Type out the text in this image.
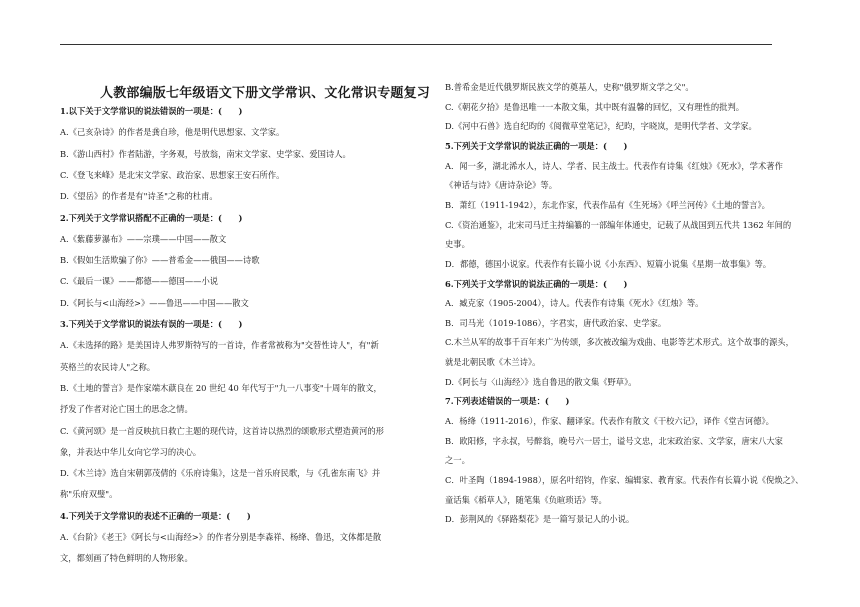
人教部编版七年级语文下册文学常识、文化常识专题复习
1.以下关于文学常识的说法错误的一项是：(　　)
A.《己亥杂诗》的作者是龚自珍，他是明代思想家、文学家。
B.《游山西村》作者陆游，字务观，号放翁，南宋文学家、史学家、爱国诗人。
C.《登飞来峰》是北宋文学家、政治家、思想家王安石所作。
D.《望岳》的作者是有"诗圣"之称的杜甫。
2.下列关于文学常识搭配不正确的一项是：(　　)
A.《紫藤萝瀑布》——宗璞——中国——散文
B.《假如生活欺骗了你》——普希金——俄国——诗歌
C.《最后一课》——都德——德国——小说
D.《阿长与<山海经>》——鲁迅——中国——散文
3.下列关于文学常识的说法有误的一项是：(　　)
A.《未选择的路》是美国诗人弗罗斯特写的一首诗，作者常被称为"交替性诗人"，有"新
英格兰的农民诗人"之称。
B.《土地的誓言》是作家端木蕻良在 20 世纪 40 年代写于"九一八事变"十周年的散文，
抒发了作者对沦亡国土的思念之情。
C.《黄河颂》是一首反映抗日救亡主题的现代诗，这首诗以热烈的颂歌形式塑造黄河的形
象，并表达中华儿女向它学习的决心。
D.《木兰诗》选自宋朝郭茂倩的《乐府诗集》，这是一首乐府民歌，与《孔雀东南飞》并
称"乐府双璧"。
4.下列关于文学常识的表述不正确的一项是：(　　)
A.《台阶》《老王》《阿长与<山海经>》的作者分别是李森祥、杨绛、鲁迅，文体都是散
文，都刻画了特色鲜明的人物形象。
B.普希金是近代俄罗斯民族文学的奠基人，史称"俄罗斯文学之父"。
C.《朝花夕拾》是鲁迅唯一一本散文集，其中既有温馨的回忆，又有理性的批判。
D.《河中石兽》选自纪昀的《阅微草堂笔记》，纪昀，字晓岚，是明代学者、文学家。
5.下列关于文学常识的说法正确的一项是：(　　)
A．闻一多，湖北浠水人，诗人、学者、民主战士。代表作有诗集《红烛》《死水》，学术著作
《神话与诗》《唐诗杂论》等。
B．萧红（1911-1942），东北作家，代表作品有《生死场》《呼兰河传》《土地的誓言》。
C.《资治通鉴》，北宋司马迁主持编纂的一部编年体通史，记载了从战国到五代共 1362 年间的
史事。
D．都德，德国小说家。代表作有长篇小说《小东西》、短篇小说集《星期一故事集》等。
6.下列关于文学常识的说法正确的一项是：(　　)
A．臧克家（1905-2004），诗人。代表作有诗集《死水》《红烛》等。
B．司马光（1019-1086），字君实，唐代政治家、史学家。
C.木兰从军的故事千百年来广为传颂，多次被改编为戏曲、电影等艺术形式。这个故事的源头，
就是北朝民歌《木兰诗》。
D.《阿长与〈山海经〉》选自鲁迅的散文集《野草》。
7.下列表述错误的一项是：(　　)
A．杨绛（1911-2016），作家、翻译家。代表作有散文《干校六记》，译作《堂吉诃德》。
B．欧阳修，字永叔，号醉翁，晚号六一居士，谥号文忠，北宋政治家、文学家，唐宋八大家
之一。
C．叶圣陶（1894-1988），原名叶绍钧，作家、编辑家、教育家。代表作有长篇小说《倪焕之》、
童话集《稻草人》，随笔集《负暄琐话》等。
D．彭荆风的《驿路梨花》是一篇写景记人的小说。
